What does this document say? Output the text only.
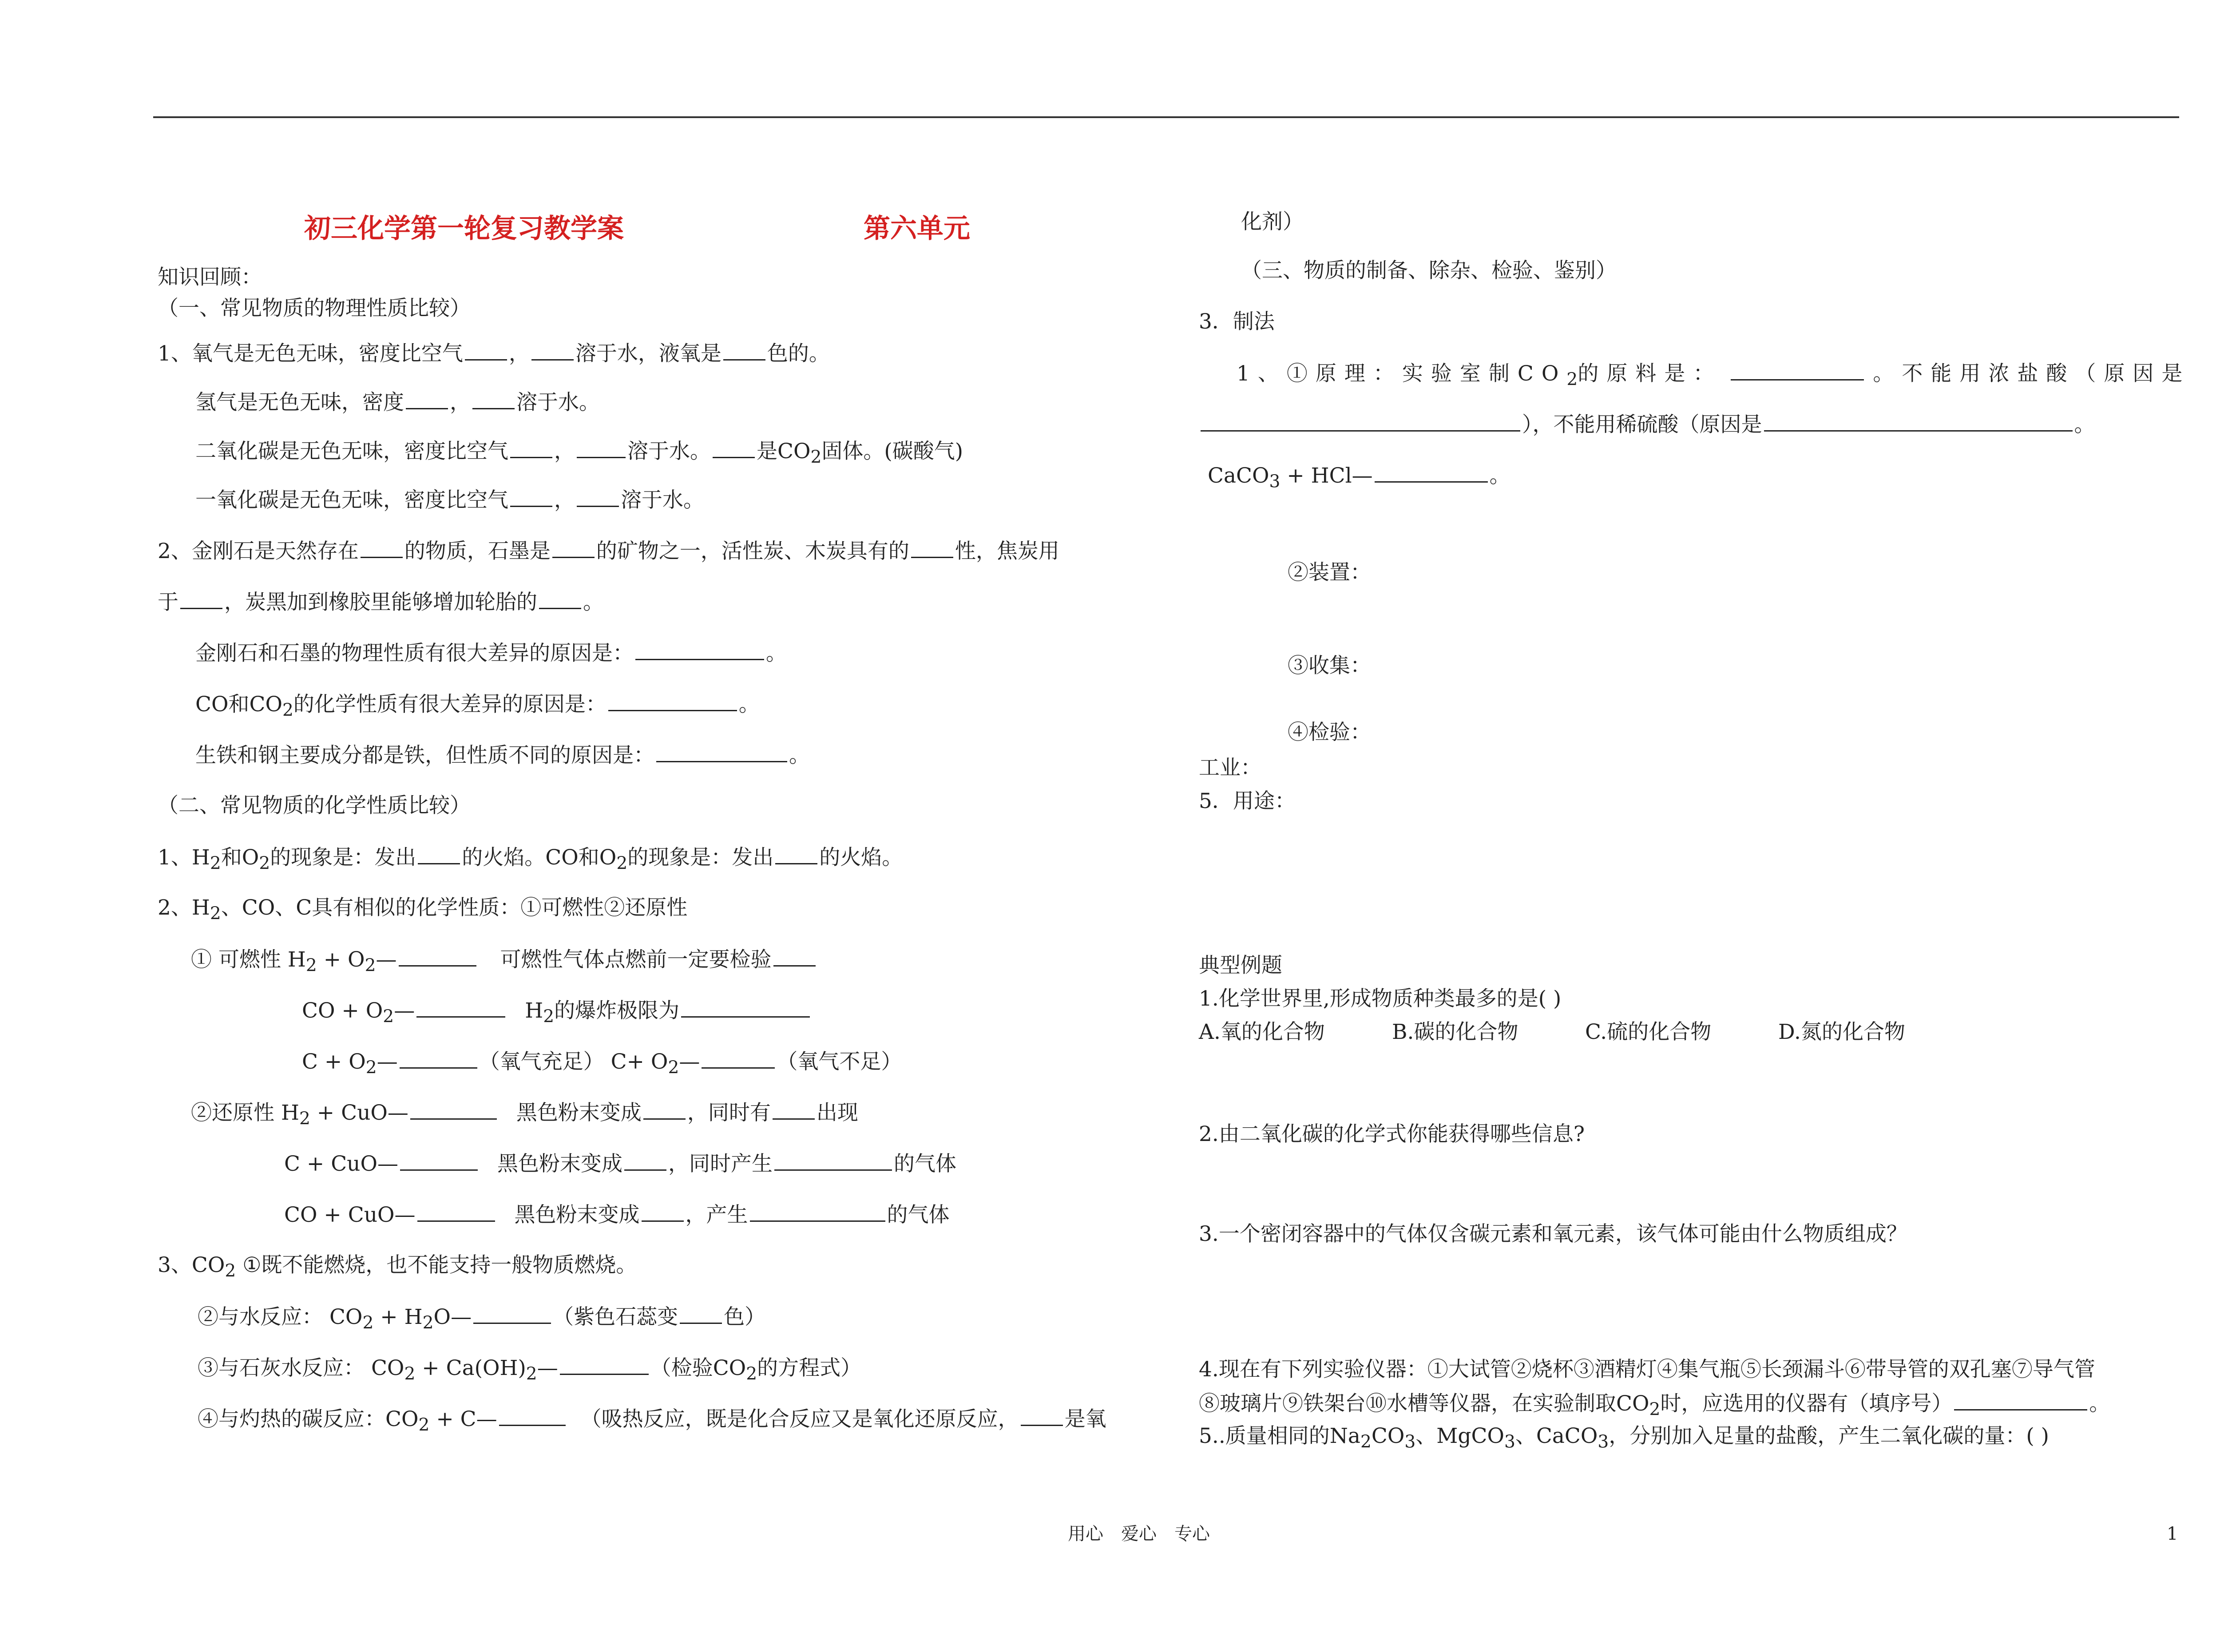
初三化学第一轮复习教学案	第六单元
知识回顾：
（一、常见物质的物理性质比较）
1、氧气是无色无味，密度比空气 ， 溶于水，液氧是 色的。
氢气是无色无味，密度 ， 溶于水。
二氧化碳是无色无味，密度比空气 ，	溶于水。 是$CO_2$固体。(碳酸气)
一氧化碳是无色无味，密度比空气 ， 溶于水。
2、金刚石是天然存在 的物质，石墨是 的矿物之一，活性炭、木炭具有的 性，焦炭用
于 ，炭黑加到橡胶里能够增加轮胎的 。
金刚石和石墨的物理性质有很大差异的原因是：	。
CO和$CO_2$的化学性质有很大差异的原因是：	。
生铁和钢主要成分都是铁，但性质不同的原因是：	。
（二、常见物质的化学性质比较）
1、$H_2$和$O_2$的现象是：发出 的火焰。CO和$O_2$的现象是：发出 的火焰。
2、$H_2$、CO、C具有相似的化学性质：①可燃性②还原性
① 可燃性 $H_2$ + $O_2—$	可燃性气体点燃前一定要检验
CO + $O_2—$	$H_2$的爆炸极限为
$C + O_2—$	（氧气充足） $C+ O_2—$	（氧气不足）
②还原性 $H_2$ + CuO—	黑色粉末变成 ，同时有 出现
C + CuO—	黑色粉末变成 ，同时产生	的气体
CO + CuO—	黑色粉末变成 ，产生	的气体
3、$CO_2$ ①既不能燃烧，也不能支持一般物质燃烧。
②与水反应： $CO_2$ + $H_2O—$	（紫色石蕊变 色）
③与石灰水反应： $CO_2$ + $Ca(OH)_2—$	（检验$CO_2$的方程式）
④与灼热的碳反应：$CO_2$ + C—	（吸热反应，既是化合反应又是氧化还原反应， 是氧
化剂）
（三、物质的制备、除杂、检验、鉴别）
3．制法
1、①原理：实验室制$CO_2$的原料是：	。不能用浓盐酸（原因是
），不能用稀硫酸（原因是	。
CaCO$_3$ + HCl—	。
②装置：
③收集：
④检验：
工业：
5．用途：
典型例题
1.化学世界里,形成物质种类最多的是( )
A.氧的化合物	B.碳的化合物	C.硫的化合物	D.氮的化合物
2.由二氧化碳的化学式你能获得哪些信息?
3.一个密闭容器中的气体仅含碳元素和氧元素，该气体可能由什么物质组成？
4.现在有下列实验仪器：①大试管②烧杯③酒精灯④集气瓶⑤长颈漏斗⑥带导管的双孔塞⑦导气管
⑧玻璃片⑨铁架台⑩水槽等仪器，在实验制取$CO_2$时，应选用的仪器有（填序号）	。
5..质量相同的$Na_2CO_3$、MgCO$_3$、CaCO$_3$，分别加入足量的盐酸，产生二氧化碳的量：( )
用心　爱心　专心	1
